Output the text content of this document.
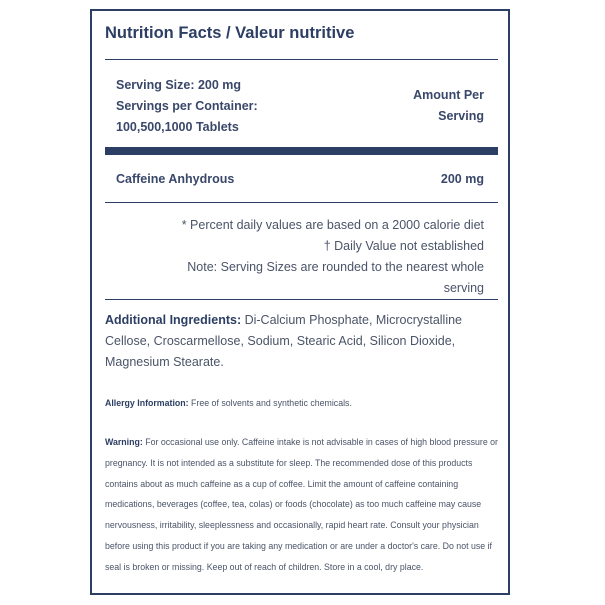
Nutrition Facts / Valeur nutritive
Serving Size: 200 mg
Servings per Container:
100,500,1000 Tablets
Amount Per
Serving
Caffeine Anhydrous	200 mg
* Percent daily values are based on a 2000 calorie diet
† Daily Value not established
Note: Serving Sizes are rounded to the nearest whole
serving
Additional Ingredients: Di-Calcium Phosphate, Microcrystalline Cellose, Croscarmellose, Sodium, Stearic Acid, Silicon Dioxide, Magnesium Stearate.
Allergy Information: Free of solvents and synthetic chemicals.
Warning: For occasional use only. Caffeine intake is not advisable in cases of high blood pressure or pregnancy. It is not intended as a substitute for sleep. The recommended dose of this products contains about as much caffeine as a cup of coffee. Limit the amount of caffeine containing medications, beverages (coffee, tea, colas) or foods (chocolate) as too much caffeine may cause nervousness, irritability, sleeplessness and occasionally, rapid heart rate. Consult your physician before using this product if you are taking any medication or are under a doctor's care. Do not use if seal is broken or missing. Keep out of reach of children. Store in a cool, dry place.
